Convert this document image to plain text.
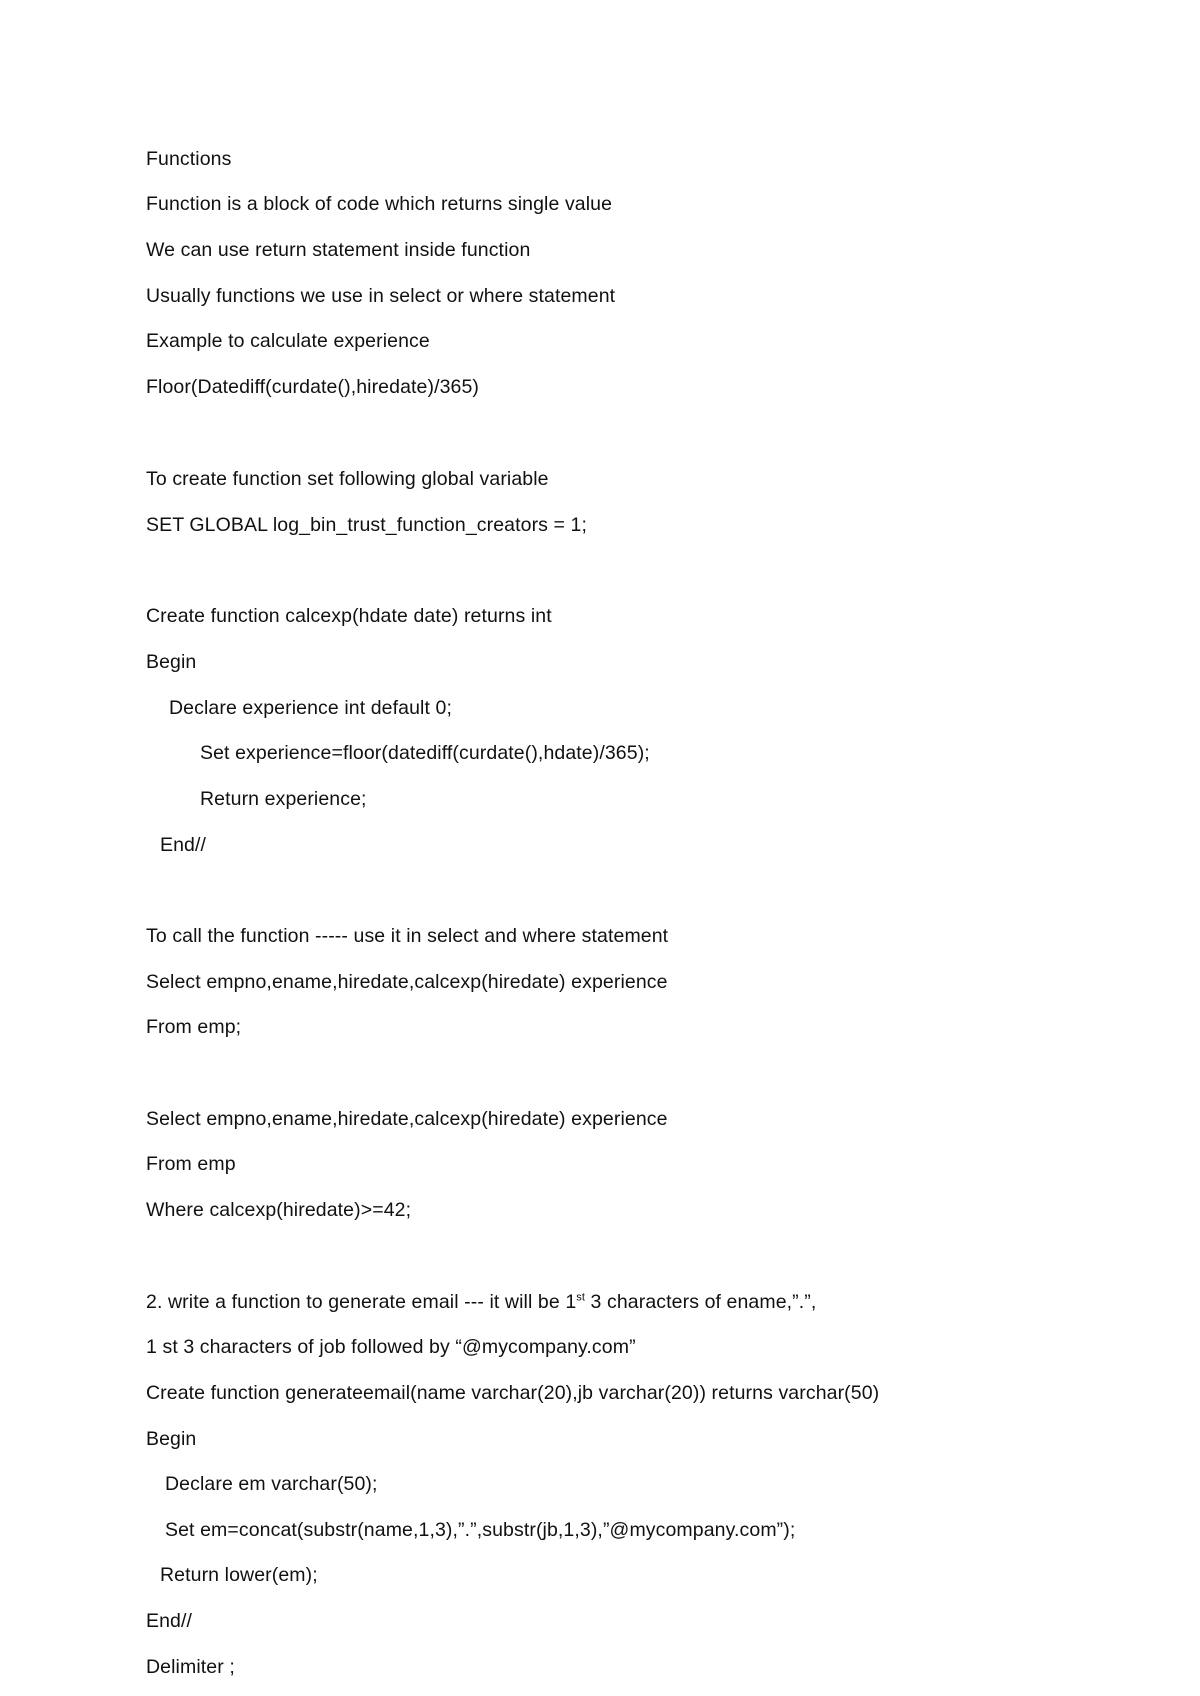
Functions
Function is a block of code which returns single value
We can use return statement inside function
Usually functions we use in select or where statement
Example to calculate experience
Floor(Datediff(curdate(),hiredate)/365)
To create function set following global variable
SET GLOBAL log_bin_trust_function_creators = 1;
Create function calcexp(hdate date) returns int
Begin
Declare experience int default 0;
Set experience=floor(datediff(curdate(),hdate)/365);
Return experience;
End//
To call the function ----- use it in select and where statement
Select empno,ename,hiredate,calcexp(hiredate) experience
From emp;
Select empno,ename,hiredate,calcexp(hiredate) experience
From emp
Where calcexp(hiredate)>=42;
2. write a function to generate email --- it will be 1st 3 characters of ename,”.”,
1 st 3 characters of job followed by “@mycompany.com”
Create function generateemail(name varchar(20),jb varchar(20)) returns varchar(50)
Begin
Declare em varchar(50);
Set em=concat(substr(name,1,3),”.”,substr(jb,1,3),”@mycompany.com”);
Return lower(em);
End//
Delimiter ;
